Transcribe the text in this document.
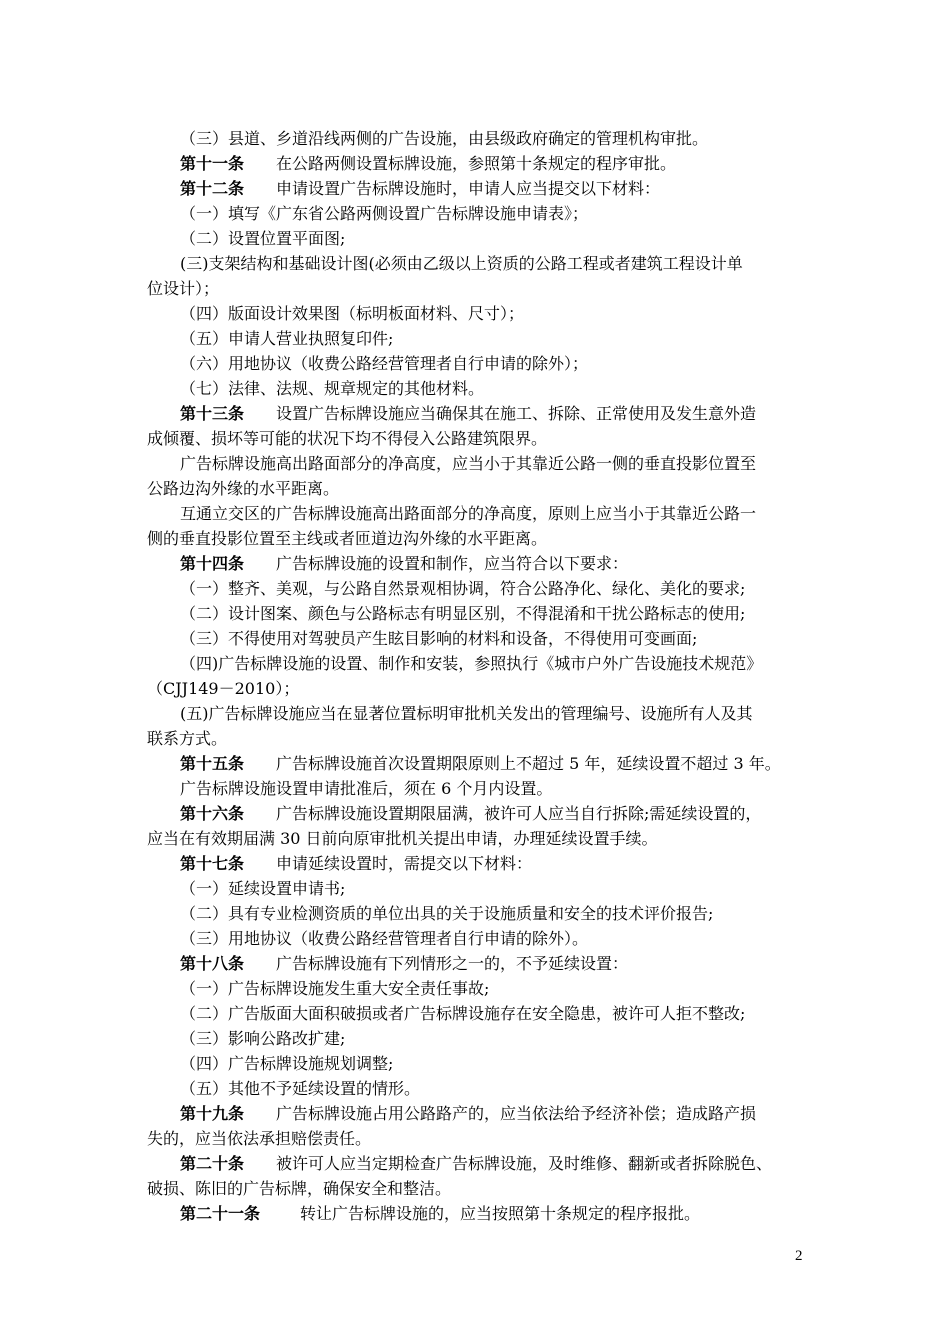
（三）县道、乡道沿线两侧的广告设施，由县级政府确定的管理机构审批。
第十一条 在公路两侧设置标牌设施，参照第十条规定的程序审批。
第十二条 申请设置广告标牌设施时，申请人应当提交以下材料：
（一）填写《广东省公路两侧设置广告标牌设施申请表》；
（二）设置位置平面图;
(三)支架结构和基础设计图(必须由乙级以上资质的公路工程或者建筑工程设计单
位设计）；
（四）版面设计效果图（标明板面材料、尺寸）；
（五）申请人营业执照复印件;
（六）用地协议（收费公路经营管理者自行申请的除外）；
（七）法律、法规、规章规定的其他材料。
第十三条 设置广告标牌设施应当确保其在施工、拆除、正常使用及发生意外造
成倾覆、损坏等可能的状况下均不得侵入公路建筑限界。
广告标牌设施高出路面部分的净高度，应当小于其靠近公路一侧的垂直投影位置至
公路边沟外缘的水平距离。
互通立交区的广告标牌设施高出路面部分的净高度，原则上应当小于其靠近公路一
侧的垂直投影位置至主线或者匝道边沟外缘的水平距离。
第十四条 广告标牌设施的设置和制作，应当符合以下要求：
（一）整齐、美观，与公路自然景观相协调，符合公路净化、绿化、美化的要求;
（二）设计图案、颜色与公路标志有明显区别，不得混淆和干扰公路标志的使用;
（三）不得使用对驾驶员产生眩目影响的材料和设备，不得使用可变画面;
（四)广告标牌设施的设置、制作和安装，参照执行《城市户外广告设施技术规范》
（CJJ149－2010）；
(五)广告标牌设施应当在显著位置标明审批机关发出的管理编号、设施所有人及其
联系方式。
第十五条 广告标牌设施首次设置期限原则上不超过 5 年，延续设置不超过 3 年。
广告标牌设施设置申请批准后，须在 6 个月内设置。
第十六条 广告标牌设施设置期限届满，被许可人应当自行拆除;需延续设置的，
应当在有效期届满 30 日前向原审批机关提出申请，办理延续设置手续。
第十七条 申请延续设置时，需提交以下材料：
（一）延续设置申请书;
（二）具有专业检测资质的单位出具的关于设施质量和安全的技术评价报告;
（三）用地协议（收费公路经营管理者自行申请的除外）。
第十八条 广告标牌设施有下列情形之一的，不予延续设置：
（一）广告标牌设施发生重大安全责任事故;
（二）广告版面大面积破损或者广告标牌设施存在安全隐患，被许可人拒不整改;
（三）影响公路改扩建;
（四）广告标牌设施规划调整;
（五）其他不予延续设置的情形。
第十九条 广告标牌设施占用公路路产的，应当依法给予经济补偿；造成路产损
失的，应当依法承担赔偿责任。
第二十条 被许可人应当定期检查广告标牌设施，及时维修、翻新或者拆除脱色、
破损、陈旧的广告标牌，确保安全和整洁。
第二十一条	转让广告标牌设施的，应当按照第十条规定的程序报批。
2
